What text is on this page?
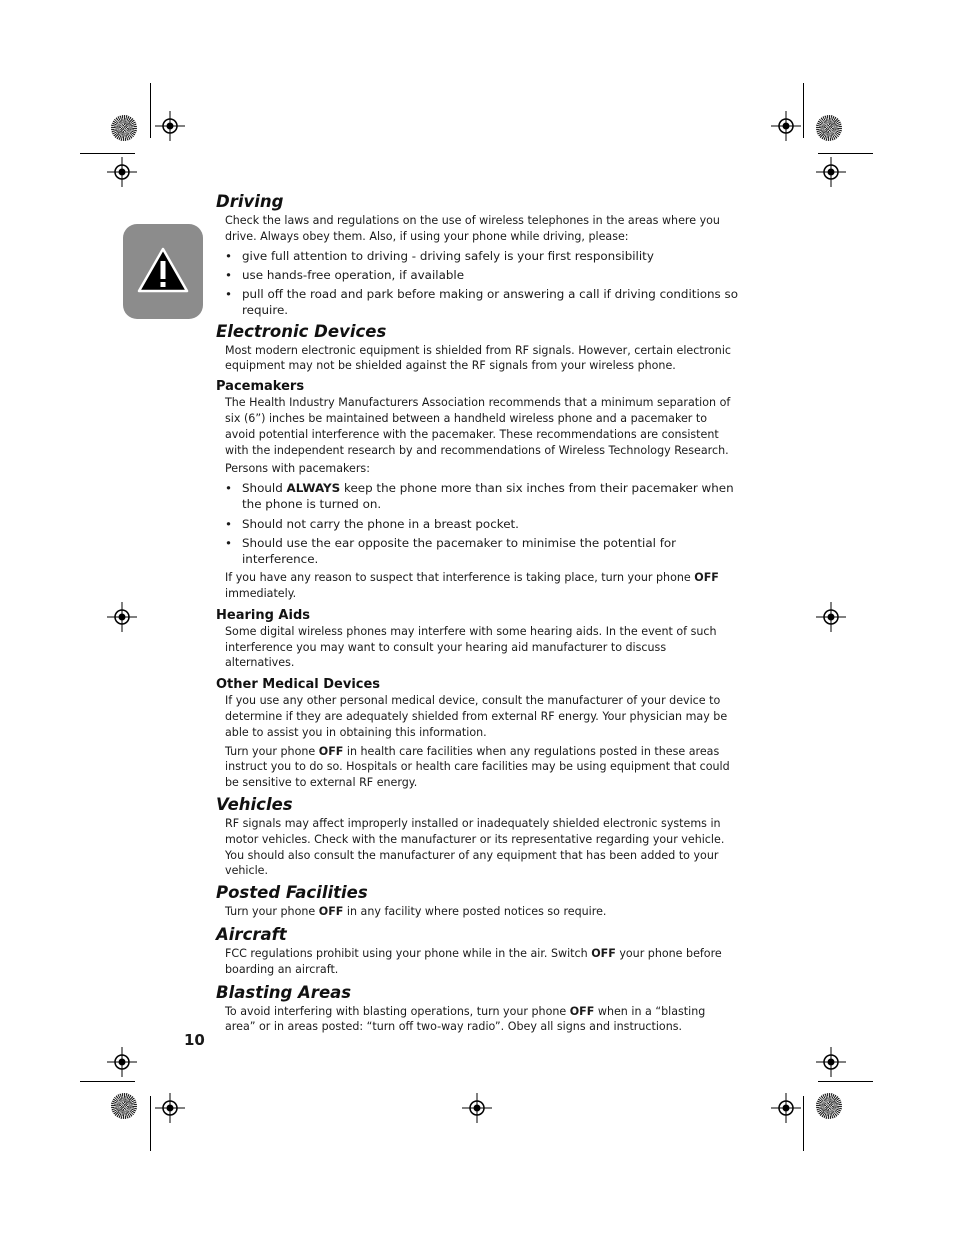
Driving

Check the laws and regulations on the use of wireless telephones in the areas where you drive. Always obey them. Also, if using your phone while driving, please:

• give full attention to driving - driving safely is your first responsibility
• use hands-free operation, if available
• pull off the road and park before making or answering a call if driving conditions so require.
Electronic Devices

Most modern electronic equipment is shielded from RF signals. However, certain electronic equipment may not be shielded against the RF signals from your wireless phone.

Pacemakers

The Health Industry Manufacturers Association recommends that a minimum separation of six (6”) inches be maintained between a handheld wireless phone and a pacemaker to avoid potential interference with the pacemaker. These recommendations are consistent with the independent research by and recommendations of Wireless Technology Research.

Persons with pacemakers:

• Should ALWAYS keep the phone more than six inches from their pacemaker when the phone is turned on.
• Should not carry the phone in a breast pocket.
• Should use the ear opposite the pacemaker to minimise the potential for interference.

If you have any reason to suspect that interference is taking place, turn your phone OFF immediately.

Hearing Aids

Some digital wireless phones may interfere with some hearing aids. In the event of such interference you may want to consult your hearing aid manufacturer to discuss alternatives.

Other Medical Devices

If you use any other personal medical device, consult the manufacturer of your device to determine if they are adequately shielded from external RF energy. Your physician may be able to assist you in obtaining this information.

Turn your phone OFF in health care facilities when any regulations posted in these areas instruct you to do so. Hospitals or health care facilities may be using equipment that could be sensitive to external RF energy.

Vehicles

RF signals may affect improperly installed or inadequately shielded electronic systems in motor vehicles. Check with the manufacturer or its representative regarding your vehicle. You should also consult the manufacturer of any equipment that has been added to your vehicle.

Posted Facilities

Turn your phone OFF in any facility where posted notices so require.

Aircraft

FCC regulations prohibit using your phone while in the air. Switch OFF your phone before boarding an aircraft.

Blasting Areas

To avoid interfering with blasting operations, turn your phone OFF when in a “blasting area” or in areas posted: “turn off two-way radio”. Obey all signs and instructions.

10
